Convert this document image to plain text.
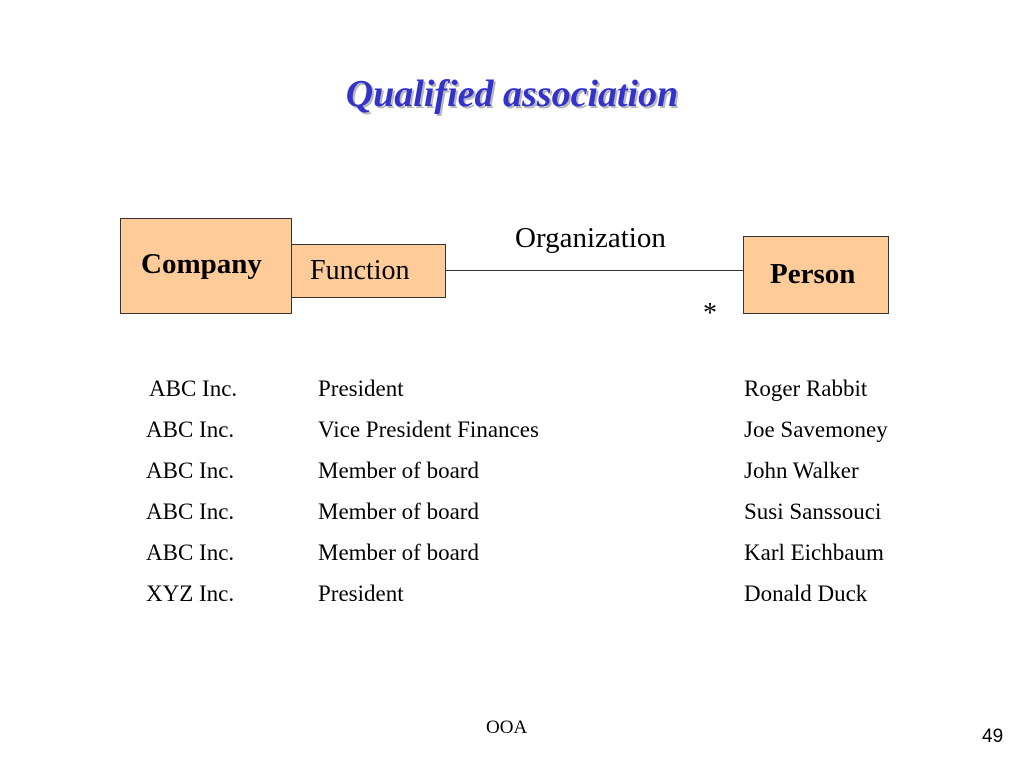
Qualified association
Company Function	Person
Organization
*
ABC Inc.	President	Roger Rabbit
ABC Inc.	Vice President Finances	Joe Savemoney
ABC Inc.	Member of board	John Walker
ABC Inc.	Member of board	Susi Sanssouci
ABC Inc.	Member of board	Karl Eichbaum
XYZ Inc.	President	Donald Duck
OOA	49
